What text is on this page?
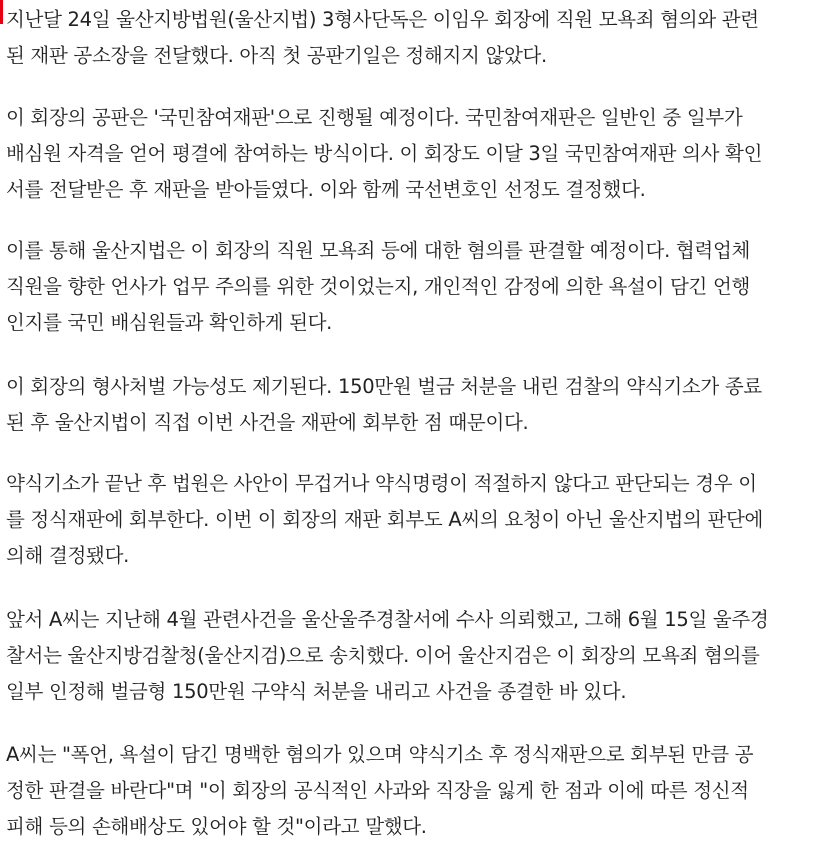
지난달 24일 울산지방법원(울산지법) 3형사단독은 이임우 회장에 직원 모욕죄 혐의와 관련
된 재판 공소장을 전달했다. 아직 첫 공판기일은 정해지지 않았다.

이 회장의 공판은 '국민참여재판'으로 진행될 예정이다. 국민참여재판은 일반인 중 일부가
배심원 자격을 얻어 평결에 참여하는 방식이다. 이 회장도 이달 3일 국민참여재판 의사 확인
서를 전달받은 후 재판을 받아들였다. 이와 함께 국선변호인 선정도 결정했다.

이를 통해 울산지법은 이 회장의 직원 모욕죄 등에 대한 혐의를 판결할 예정이다. 협력업체
직원을 향한 언사가 업무 주의를 위한 것이었는지, 개인적인 감정에 의한 욕설이 담긴 언행
인지를 국민 배심원들과 확인하게 된다.

이 회장의 형사처벌 가능성도 제기된다. 150만원 벌금 처분을 내린 검찰의 약식기소가 종료
된 후 울산지법이 직접 이번 사건을 재판에 회부한 점 때문이다.

약식기소가 끝난 후 법원은 사안이 무겁거나 약식명령이 적절하지 않다고 판단되는 경우 이
를 정식재판에 회부한다. 이번 이 회장의 재판 회부도 A씨의 요청이 아닌 울산지법의 판단에
의해 결정됐다.

앞서 A씨는 지난해 4월 관련사건을 울산울주경찰서에 수사 의뢰했고, 그해 6월 15일 울주경
찰서는 울산지방검찰청(울산지검)으로 송치했다. 이어 울산지검은 이 회장의 모욕죄 혐의를
일부 인정해 벌금형 150만원 구약식 처분을 내리고 사건을 종결한 바 있다.

A씨는 "폭언, 욕설이 담긴 명백한 혐의가 있으며 약식기소 후 정식재판으로 회부된 만큼 공
정한 판결을 바란다"며 "이 회장의 공식적인 사과와 직장을 잃게 한 점과 이에 따른 정신적
피해 등의 손해배상도 있어야 할 것"이라고 말했다.
